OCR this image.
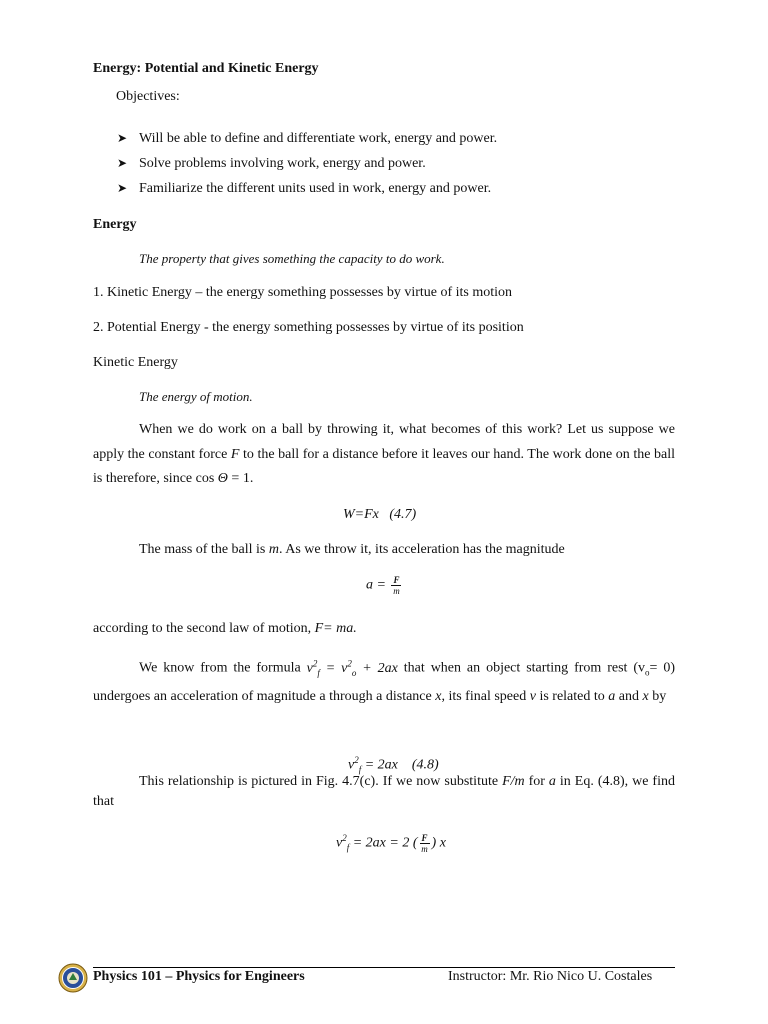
Energy: Potential and Kinetic Energy
Objectives:
➤ Will be able to define and differentiate work, energy and power.
➤ Solve problems involving work, energy and power.
➤ Familiarize the different units used in work, energy and power.
Energy
The property that gives something the capacity to do work.
1. Kinetic Energy – the energy something possesses by virtue of its motion
2. Potential Energy - the energy something possesses by virtue of its position
Kinetic Energy
The energy of motion.
When we do work on a ball by throwing it, what becomes of this work? Let us suppose we apply the constant force F to the ball for a distance before it leaves our hand. The work done on the ball is therefore, since cos Θ = 1.
W=Fx   (4.7)
The mass of the ball is m. As we throw it, its acceleration has the magnitude
$a = \frac{F}{m}$
according to the second law of motion, F= ma.
We know from the formula $v^2_f = v^2_o + 2ax$ that when an object starting from rest $(v_o= 0)$ undergoes an acceleration of magnitude a through a distance x, its final speed v is related to a and x by

$v^2_f = 2ax$    (4.8)

This relationship is pictured in Fig. 4.7(c). If we now substitute F/m for a in Eq. (4.8), we find that

$v^2_f = 2ax = 2$ ( $\frac{F}{m}$ ) x

Physics 101 – Physics for Engineers	Instructor: Mr. Rio Nico U. Costales
